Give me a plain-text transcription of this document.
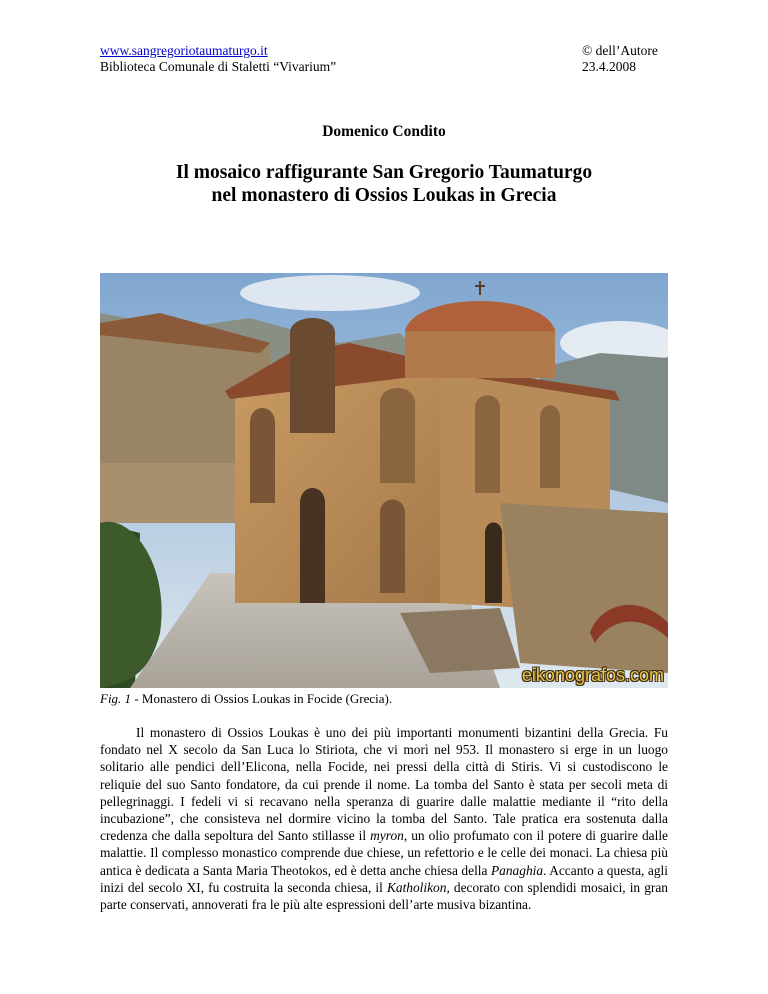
www.sangregoriotaumaturgo.it
Biblioteca Comunale di Staletti “Vivarium”
© dell’Autore
23.4.2008
Domenico Condito
Il mosaico raffigurante San Gregorio Taumaturgo
nel monastero di Ossios Loukas in Grecia
eikonografos.com
Fig. 1 - Monastero di Ossios Loukas in Focide (Grecia).

Il monastero di Ossios Loukas è uno dei più importanti monumenti bizantini della Grecia. Fu fondato nel X secolo da San Luca lo Stiriota, che vi morì nel 953. Il monastero si erge in un luogo solitario alle pendici dell’Elicona, nella Focide, nei pressi della città di Stiris. Vi si custodiscono le reliquie del suo Santo fondatore, da cui prende il nome. La tomba del Santo è stata per secoli meta di pellegrinaggi. I fedeli vi si recavano nella speranza di guarire dalle malattie mediante il “rito della incubazione”, che consisteva nel dormire vicino la tomba del Santo. Tale pratica era sostenuta dalla credenza che dalla sepoltura del Santo stillasse il myron, un olio profumato con il potere di guarire dalle malattie. Il complesso monastico comprende due chiese, un refettorio e le celle dei monaci. La chiesa più antica è dedicata a Santa Maria Theotokos, ed è detta anche chiesa della Panaghia. Accanto a questa, agli inizi del secolo XI, fu costruita la seconda chiesa, il Katholikon, decorato con splendidi mosaici, in gran parte conservati, annoverati fra le più alte espressioni dell’arte musiva bizantina.
